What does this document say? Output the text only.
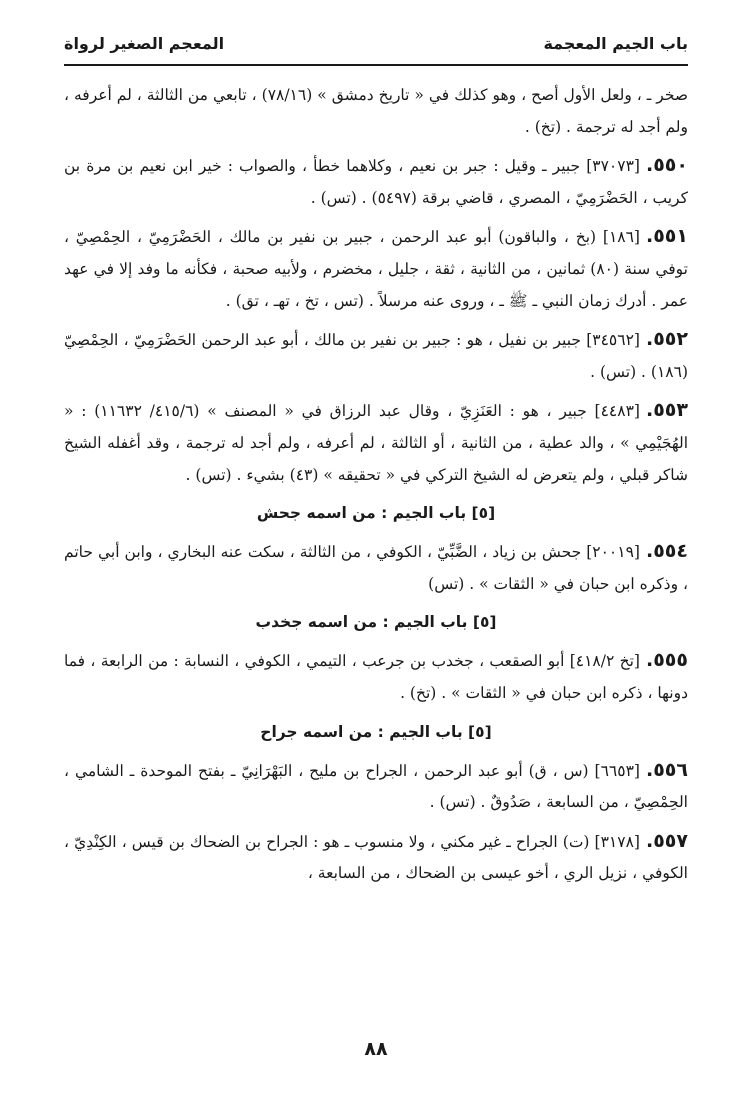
باب الجيم المعجمة
المعجم الصغير لرواة

صخر ـ ، ولعل الأول أصح ، وهو كذلك في « تاريخ دمشق » (٧٨/١٦) ، تابعي من الثالثة ، لم أعرفه ، ولم أجد له ترجمة . (تخ) .

٥٥٠.[٣٧٠٧٣] جبير ـ وقيل : جبر بن نعيم ، وكلاهما خطأ ، والصواب : خير ابن نعيم بن مرة بن كريب ، الحَضْرَمِيّ ، المصري ، قاضي برقة (٥٤٩٧) . (تس) .

٥٥١.[١٨٦] (بخ ، والباقون) أبو عبد الرحمن ، جبير بن نفير بن مالك ، الحَضْرَمِيّ ، الحِمْصِيّ ، توفي سنة (٨٠) ثمانين ، من الثانية ، ثقة ، جليل ، مخضرم ، ولأبيه صحبة ، فكأنه ما وفد إلا في عهد عمر . أدرك زمان النبي ـ ﷺ ـ ، وروى عنه مرسلاً . (تس ، تخ ، تهـ ، تق) .

٥٥٢.[٣٤٥٦٢] جبير بن نفيل ، هو : جبير بن نفير بن مالك ، أبو عبد الرحمن الحَضْرَمِيّ ، الحِمْصِيّ (١٨٦) . (تس) .

٥٥٣.[٤٤٨٣] جبير ، هو : العَنَزِيّ ، وقال عبد الرزاق في « المصنف » (٤١٥/٦/ ١١٦٣٢) : « الهُجَيْمِي » ، والد عطية ، من الثانية ، أو الثالثة ، لم أعرفه ، ولم أجد له ترجمة ، وقد أغفله الشيخ شاكر قبلي ، ولم يتعرض له الشيخ التركي في « تحقيقه » (٤٣) بشيء . (تس) .

[٥] باب الجيم : من اسمه جحش

٥٥٤.[٢٠٠١٩] جحش بن زياد ، الضَّبِّيّ ، الكوفي ، من الثالثة ، سكت عنه البخاري ، وابن أبي حاتم ، وذكره ابن حبان في « الثقات » . (تس)

[٥] باب الجيم : من اسمه جخدب

٥٥٥.[تخ ٤١٨/٢] أبو الصقعب ، جخدب بن جرعب ، التيمي ، الكوفي ، النسابة : من الرابعة ، فما دونها ، ذكره ابن حبان في « الثقات » . (تخ) .

[٥] باب الجيم : من اسمه جراح

٥٥٦.[٦٦٥٣] (س ، ق) أبو عبد الرحمن ، الجراح بن مليح ، البَهْرَانِيّ ـ بفتح الموحدة ـ الشامي ، الحِمْصِيّ ، من السابعة ، صَدُوقٌ . (تس) .

٥٥٧.[٣١٧٨] (ت) الجراح ـ غير مكني ، ولا منسوب ـ هو : الجراح بن الضحاك بن قيس ، الكِنْدِيّ ، الكوفي ، نزيل الري ، أخو عيسى بن الضحاك ، من السابعة ،

٨٨
